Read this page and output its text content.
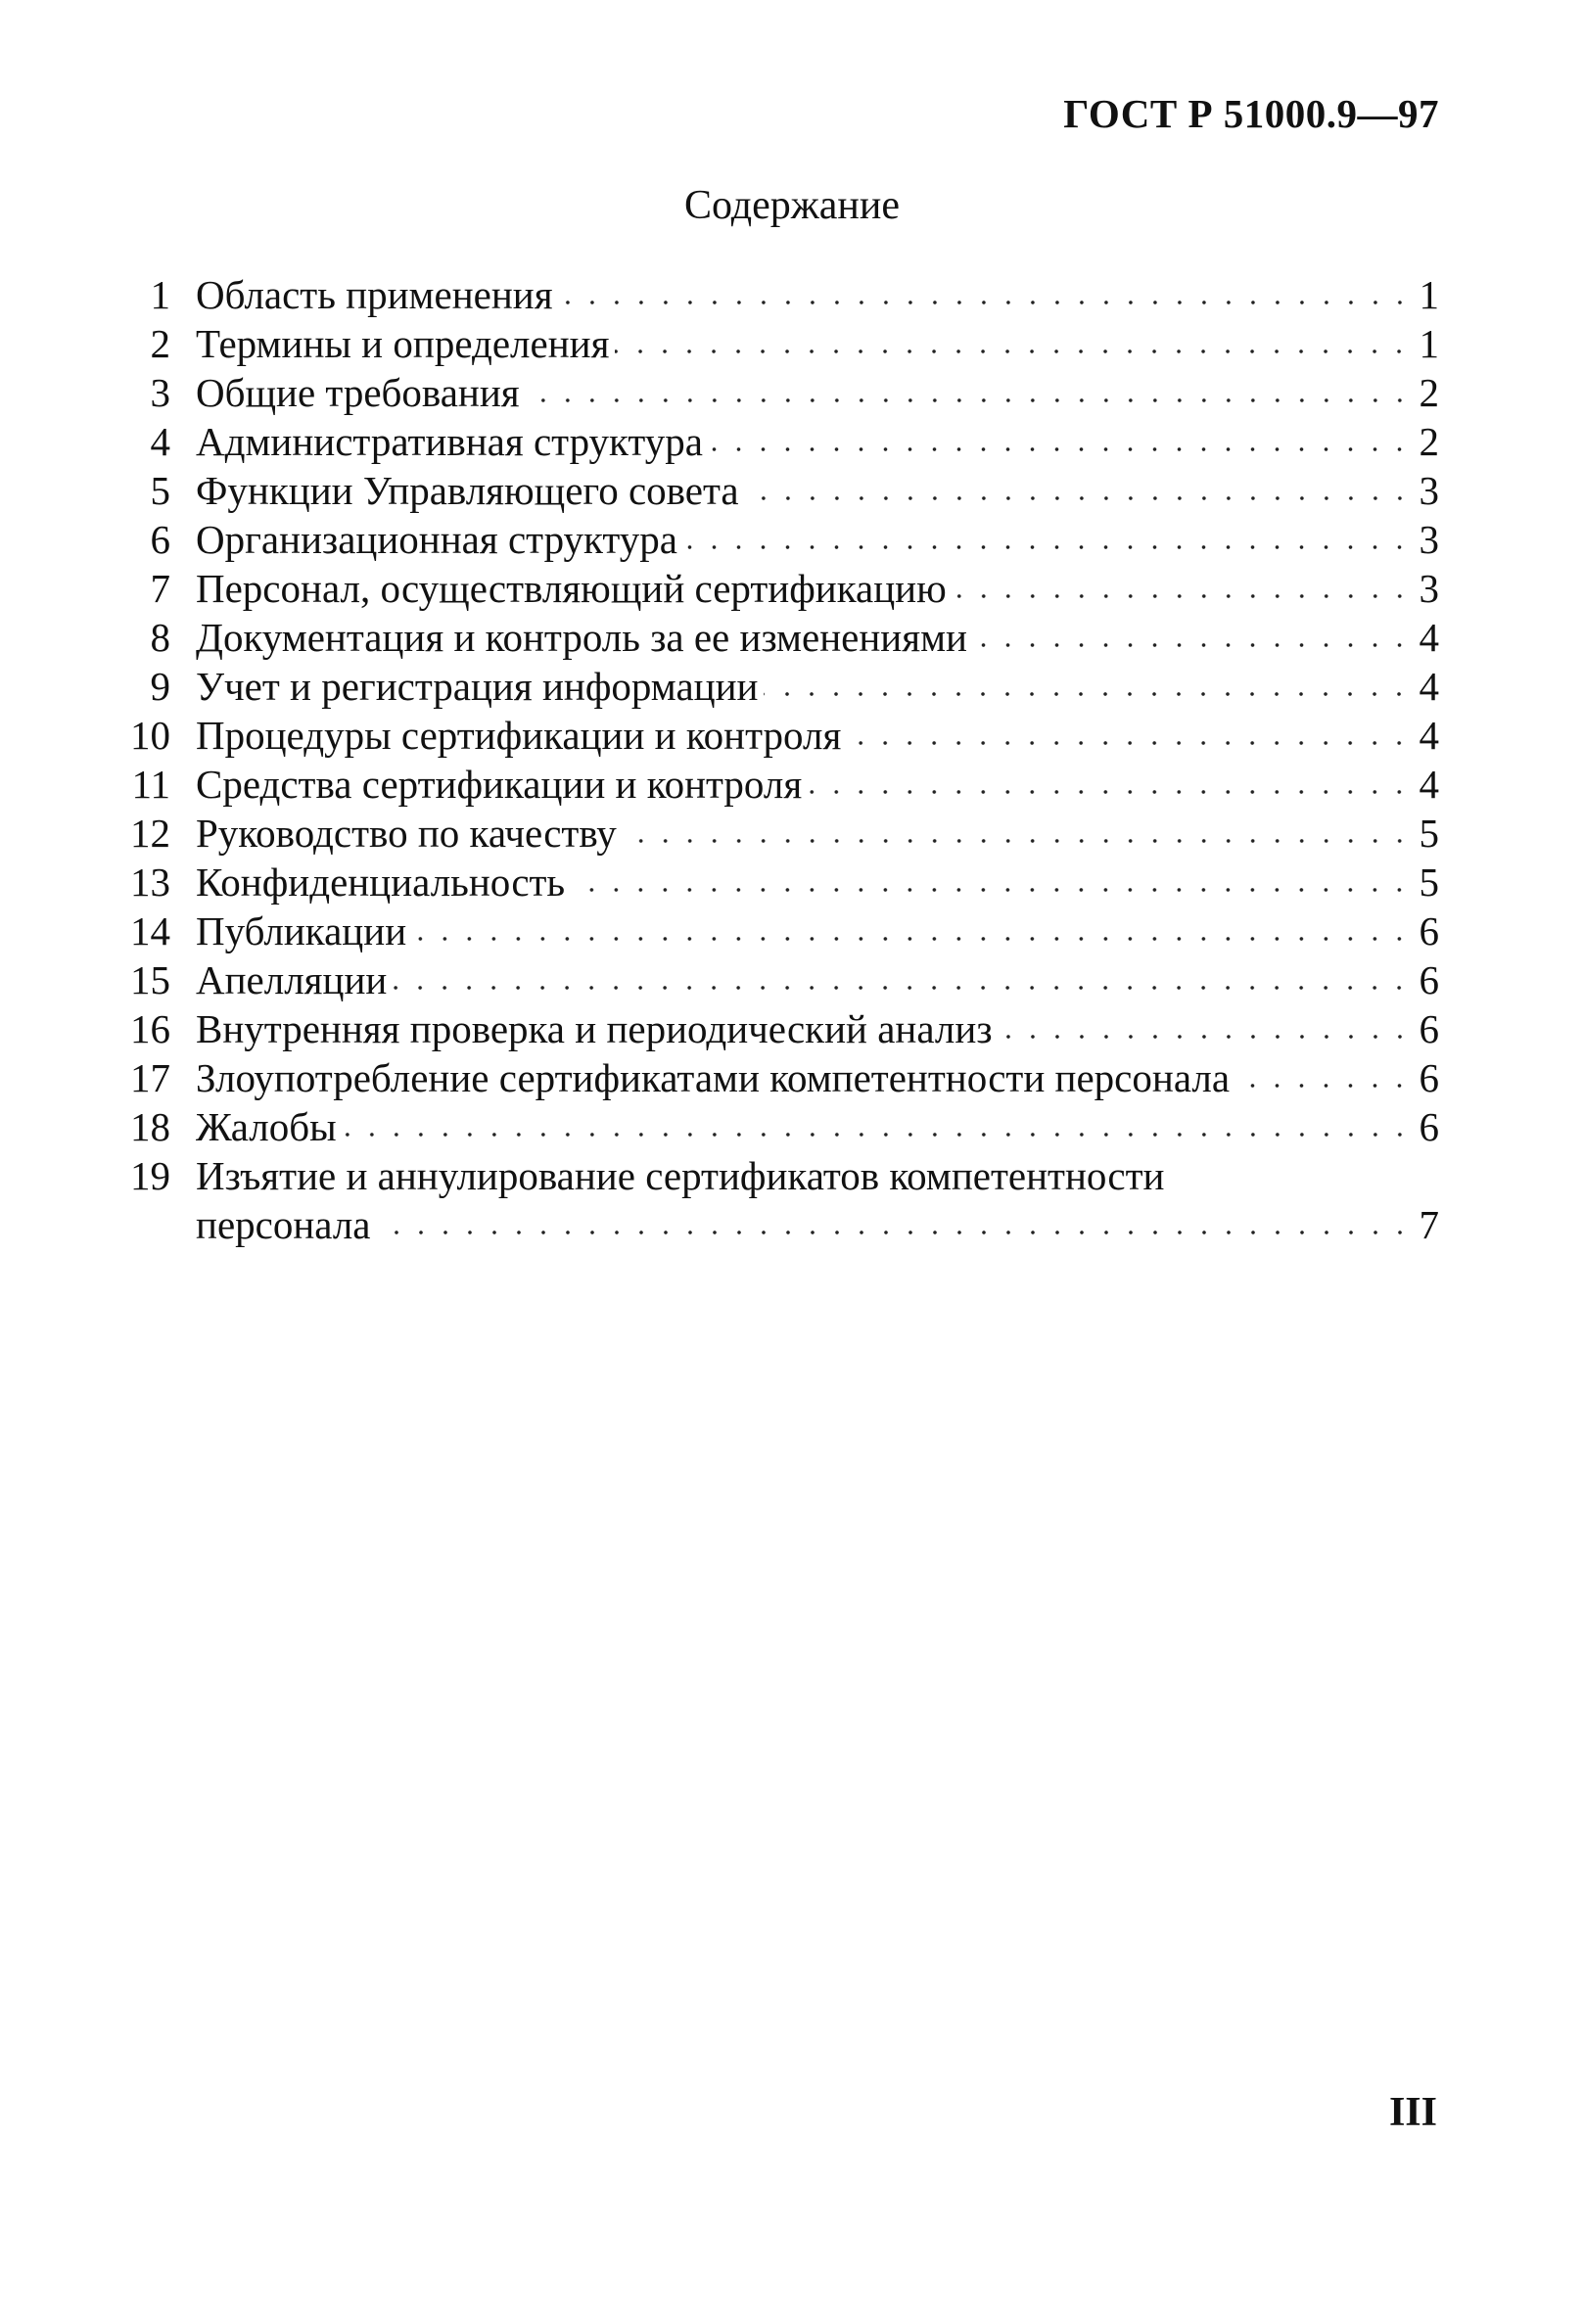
ГОСТ Р 51000.9—97
Содержание
1 Область применения	1
2 Термины и определения	1
3 Общие требования	2
4 Административная структура	2
5 Функции Управляющего совета	3
6 Организационная структура	3
7 Персонал, осуществляющий сертификацию	3
8 Документация и контроль за ее изменениями	4
9 Учет и регистрация информации	4
10 Процедуры сертификации и контроля	4
11 Средства сертификации и контроля	4
12 Руководство по качеству	5
13 Конфиденциальность	5
14 Публикации	6
15 Апелляции	6
16 Внутренняя проверка и периодический анализ	6
17 Злоупотребление сертификатами компетентности персонала	6
18 Жалобы	6
19 Изъятие и аннулирование сертификатов компетентности
персонала	7
III
